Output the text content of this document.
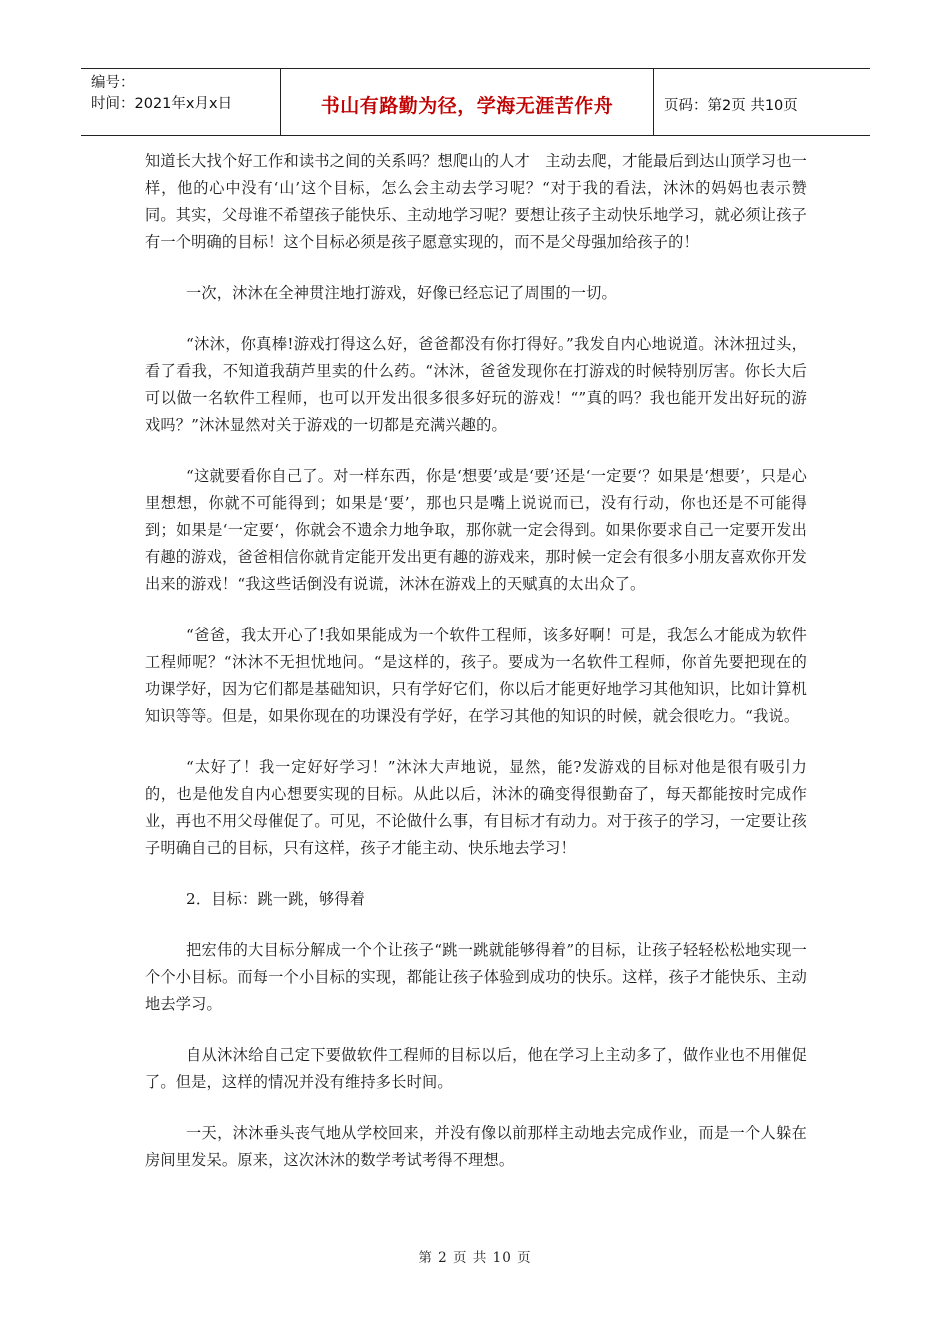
编号：
时间：2021年x月x日	书山有路勤为径，学海无涯苦作舟	页码：第2页 共10页

知道长大找个好工作和读书之间的关系吗？想爬山的人才　主动去爬，才能最后到达山顶学习也一样，他的心中没有‘山’这个目标，怎么会主动去学习呢？“对于我的看法，沐沐的妈妈也表示赞同。其实，父母谁不希望孩子能快乐、主动地学习呢？要想让孩子主动快乐地学习，就必须让孩子有一个明确的目标！这个目标必须是孩子愿意实现的，而不是父母强加给孩子的！

一次，沐沐在全神贯注地打游戏，好像已经忘记了周围的一切。

“沐沐，你真棒!游戏打得这么好，爸爸都没有你打得好。”我发自内心地说道。沐沐扭过头，看了看我，不知道我葫芦里卖的什么药。“沐沐，爸爸发现你在打游戏的时候特别厉害。你长大后可以做一名软件工程师，也可以开发出很多很多好玩的游戏！“”真的吗？我也能开发出好玩的游戏吗？”沐沐显然对关于游戏的一切都是充满兴趣的。

“这就要看你自己了。对一样东西，你是‘想要’或是‘要’还是‘一定要‘？如果是‘想要’，只是心里想想，你就不可能得到；如果是‘要’，那也只是嘴上说说而已，没有行动，你也还是不可能得到；如果是‘一定要‘，你就会不遗余力地争取，那你就一定会得到。如果你要求自己一定要开发出有趣的游戏，爸爸相信你就肯定能开发出更有趣的游戏来，那时候一定会有很多小朋友喜欢你开发出来的游戏！“我这些话倒没有说谎，沐沐在游戏上的天赋真的太出众了。

“爸爸，我太开心了!我如果能成为一个软件工程师，该多好啊！可是，我怎么才能成为软件工程师呢？“沐沐不无担忧地问。“是这样的，孩子。要成为一名软件工程师，你首先要把现在的功课学好，因为它们都是基础知识，只有学好它们，你以后才能更好地学习其他知识，比如计算机知识等等。但是，如果你现在的功课没有学好，在学习其他的知识的时候，就会很吃力。“我说。

“太好了！我一定好好学习！”沐沐大声地说，显然，能?发游戏的目标对他是很有吸引力的，也是他发自内心想要实现的目标。从此以后，沐沐的确变得很勤奋了，每天都能按时完成作业，再也不用父母催促了。可见，不论做什么事，有目标才有动力。对于孩子的学习，一定要让孩子明确自己的目标，只有这样，孩子才能主动、快乐地去学习！

2．目标：跳一跳，够得着

把宏伟的大目标分解成一个个让孩子“跳一跳就能够得着”的目标，让孩子轻轻松松地实现一个个小目标。而每一个小目标的实现，都能让孩子体验到成功的快乐。这样，孩子才能快乐、主动地去学习。

自从沐沐给自己定下要做软件工程师的目标以后，他在学习上主动多了，做作业也不用催促了。但是，这样的情况并没有维持多长时间。

一天，沐沐垂头丧气地从学校回来，并没有像以前那样主动地去完成作业，而是一个人躲在房间里发呆。原来，这次沐沐的数学考试考得不理想。

第 2 页 共 10 页
